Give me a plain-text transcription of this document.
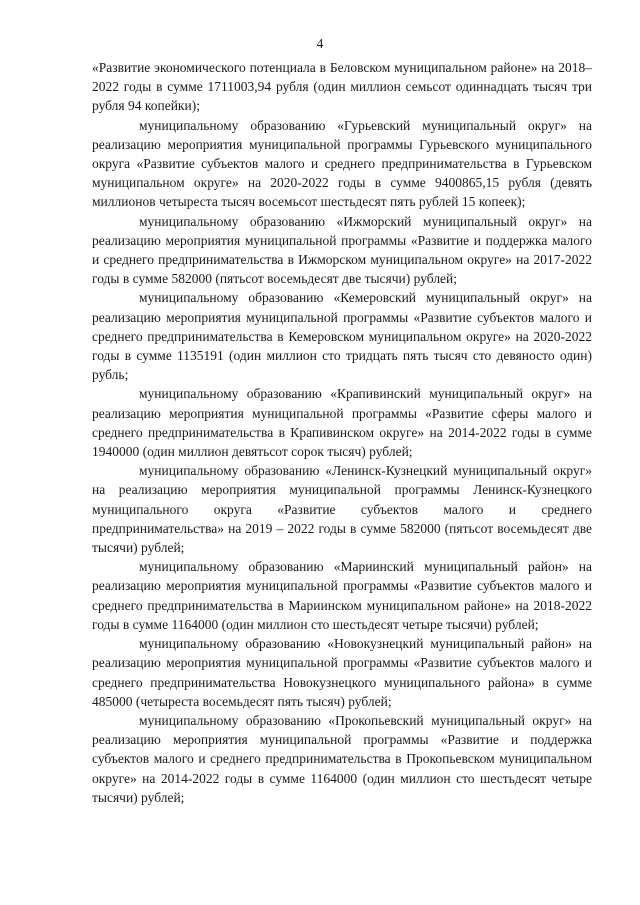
4

«Развитие экономического потенциала в Беловском муниципальном районе» на 2018–2022 годы в сумме 1711003,94 рубля (один миллион семьсот одиннадцать тысяч три рубля 94 копейки);

муниципальному образованию «Гурьевский муниципальный округ» на реализацию мероприятия муниципальной программы Гурьевского муниципального округа «Развитие субъектов малого и среднего предпринимательства в Гурьевском муниципальном округе» на 2020-2022 годы в сумме 9400865,15 рубля (девять миллионов четыреста тысяч восемьсот шестьдесят пять рублей 15 копеек);

муниципальному образованию «Ижморский муниципальный округ» на реализацию мероприятия муниципальной программы «Развитие и поддержка малого и среднего предпринимательства в Ижморском муниципальном округе» на 2017-2022 годы в сумме 582000 (пятьсот восемьдесят две тысячи) рублей;

муниципальному образованию «Кемеровский муниципальный округ» на реализацию мероприятия муниципальной программы «Развитие субъектов малого и среднего предпринимательства в Кемеровском муниципальном округе» на 2020-2022 годы в сумме 1135191 (один миллион сто тридцать пять тысяч сто девяносто один) рубль;

муниципальному образованию «Крапивинский муниципальный округ» на реализацию мероприятия муниципальной программы «Развитие сферы малого и среднего предпринимательства в Крапивинском округе» на 2014-2022 годы в сумме 1940000 (один миллион девятьсот сорок тысяч) рублей;

муниципальному образованию «Ленинск-Кузнецкий муниципальный округ» на реализацию мероприятия муниципальной программы Ленинск-Кузнецкого муниципального округа «Развитие субъектов малого и среднего предпринимательства» на 2019 – 2022 годы в сумме 582000 (пятьсот восемьдесят две тысячи) рублей;

муниципальному образованию «Мариинский муниципальный район» на реализацию мероприятия муниципальной программы «Развитие субъектов малого и среднего предпринимательства в Мариинском муниципальном районе» на 2018-2022 годы в сумме 1164000 (один миллион сто шестьдесят четыре тысячи) рублей;

муниципальному образованию «Новокузнецкий муниципальный район» на реализацию мероприятия муниципальной программы «Развитие субъектов малого и среднего предпринимательства Новокузнецкого муниципального района» в сумме 485000 (четыреста восемьдесят пять тысяч) рублей;

муниципальному образованию «Прокопьевский муниципальный округ» на реализацию мероприятия муниципальной программы «Развитие и поддержка субъектов малого и среднего предпринимательства в Прокопьевском муниципальном округе» на 2014-2022 годы в сумме 1164000 (один миллион сто шестьдесят четыре тысячи) рублей;
